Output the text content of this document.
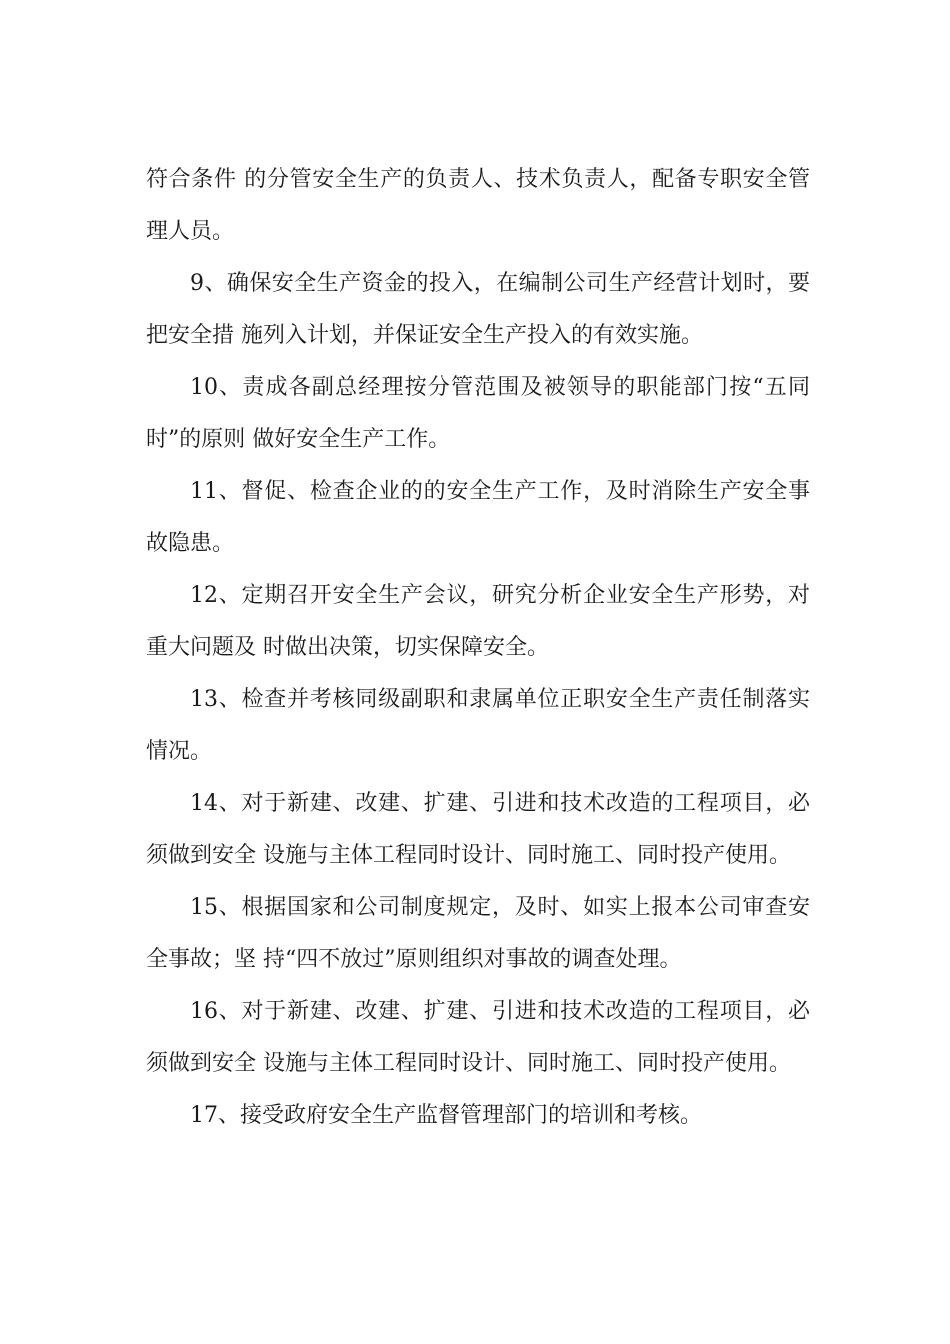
符合条件 的分管安全生产的负责人、技术负责人，配备专职安全管理人员。

9、确保安全生产资金的投入，在编制公司生产经营计划时，要把安全措 施列入计划，并保证安全生产投入的有效实施。

10、责成各副总经理按分管范围及被领导的职能部门按“五同时”的原则 做好安全生产工作。

11、督促、检查企业的的安全生产工作，及时消除生产安全事故隐患。

12、定期召开安全生产会议，研究分析企业安全生产形势，对重大问题及 时做出决策，切实保障安全。

13、检查并考核同级副职和隶属单位正职安全生产责任制落实情况。

14、对于新建、改建、扩建、引进和技术改造的工程项目，必须做到安全 设施与主体工程同时设计、同时施工、同时投产使用。

15、根据国家和公司制度规定，及时、如实上报本公司审查安全事故；坚 持“四不放过”原则组织对事故的调查处理。

16、对于新建、改建、扩建、引进和技术改造的工程项目，必须做到安全 设施与主体工程同时设计、同时施工、同时投产使用。

17、接受政府安全生产监督管理部门的培训和考核。
